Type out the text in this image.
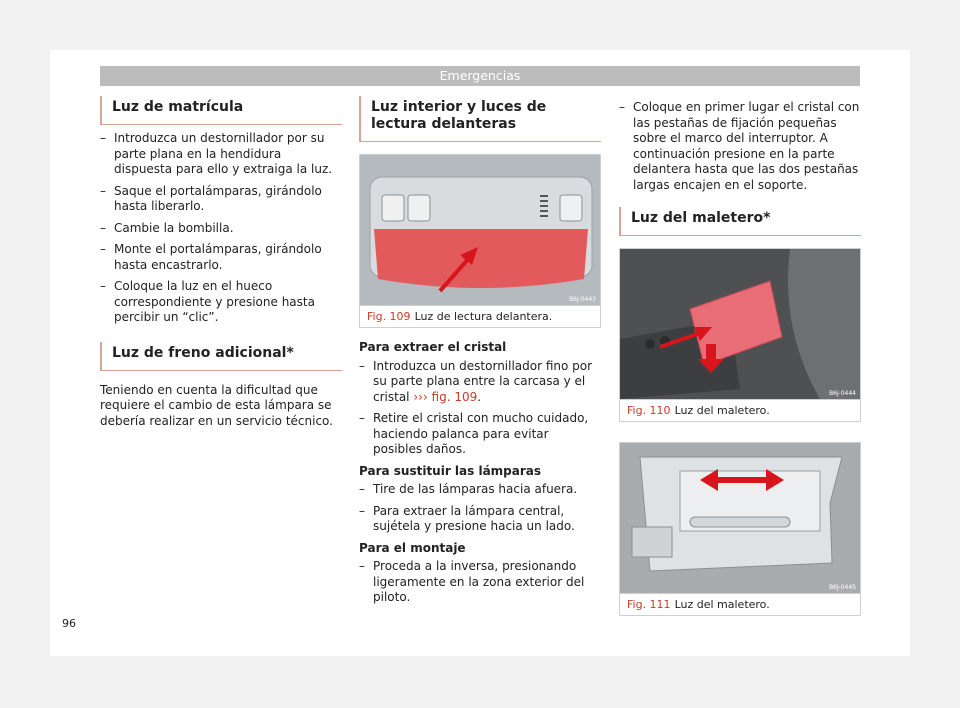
Emergencias
Luz de matrícula
– Introduzca un destornillador por su parte plana en la hendidura dispuesta para ello y extraiga la luz.
– Saque el portalámparas, girándolo hasta liberarlo.
– Cambie la bombilla.
– Monte el portalámparas, girándolo hasta encastrarlo.
– Coloque la luz en el hueco correspondiente y presione hasta percibir un “clic”.
Luz de freno adicional*

Teniendo en cuenta la dificultad que requiere el cambio de esta lámpara se debería realizar en un servicio técnico.

Luz interior y luces de lectura delanteras
B6J-0443
Fig. 109 Luz de lectura delantera.

Para extraer el cristal

– Introduzca un destornillador fino por su parte plana entre la carcasa y el cristal ››› fig. 109.
– Retire el cristal con mucho cuidado, haciendo palanca para evitar posibles daños.

Para sustituir las lámparas

– Tire de las lámparas hacia afuera.
– Para extraer la lámpara central, sujétela y presione hacia un lado.

Para el montaje

– Proceda a la inversa, presionando ligeramente en la zona exterior del piloto.
– Coloque en primer lugar el cristal con las pestañas de fijación pequeñas sobre el marco del interruptor. A continuación presione en la parte delantera hasta que las dos pestañas largas encajen en el soporte.
Luz del maletero*
B6J-0444
Fig. 110 Luz del maletero.
B6J-0445
Fig. 111 Luz del maletero.
96
